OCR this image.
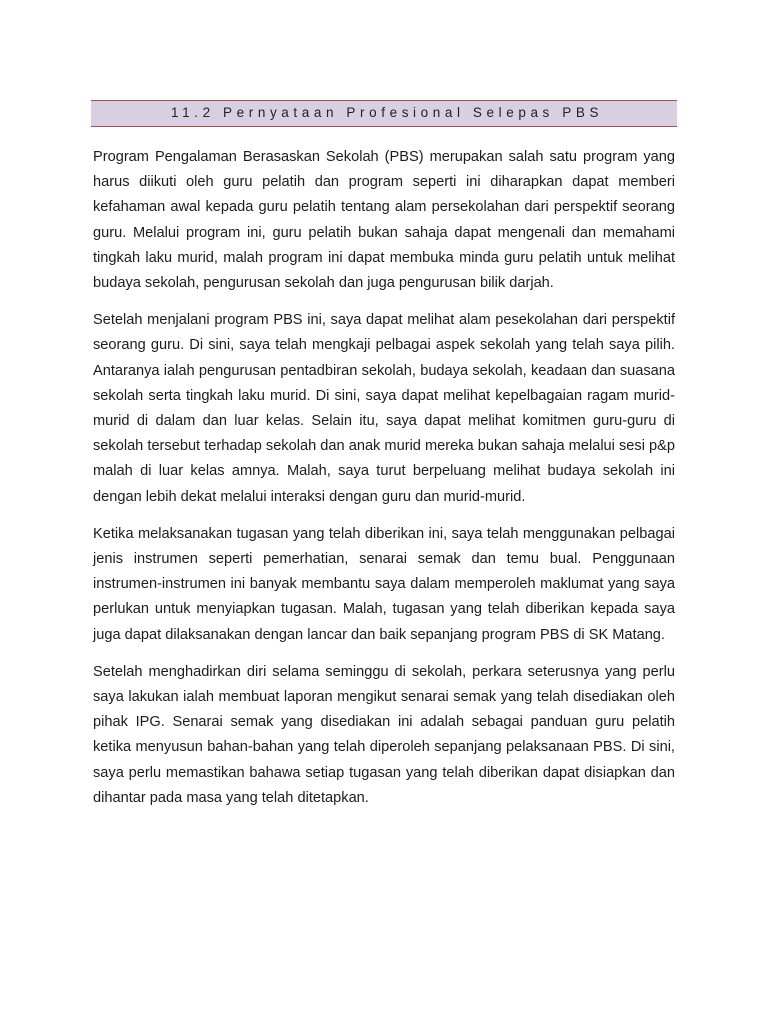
11.2 Pernyataan Profesional Selepas PBS

Program Pengalaman Berasaskan Sekolah (PBS) merupakan salah satu program yang harus diikuti oleh guru pelatih dan program seperti ini diharapkan dapat memberi kefahaman awal kepada guru pelatih tentang alam persekolahan dari perspektif seorang guru. Melalui program ini, guru pelatih bukan sahaja dapat mengenali dan memahami tingkah laku murid, malah program ini dapat membuka minda guru pelatih untuk melihat budaya sekolah, pengurusan sekolah dan juga pengurusan bilik darjah.

Setelah menjalani program PBS ini, saya dapat melihat alam pesekolahan dari perspektif seorang guru. Di sini, saya telah mengkaji pelbagai aspek sekolah yang telah saya pilih. Antaranya ialah pengurusan pentadbiran sekolah, budaya sekolah, keadaan dan suasana sekolah serta tingkah laku murid. Di sini, saya dapat melihat kepelbagaian ragam murid-murid di dalam dan luar kelas. Selain itu, saya dapat melihat komitmen guru-guru di sekolah tersebut terhadap sekolah dan anak murid mereka bukan sahaja melalui sesi p&p malah di luar kelas amnya. Malah, saya turut berpeluang melihat budaya sekolah ini dengan lebih dekat melalui interaksi dengan guru dan murid-murid.

Ketika melaksanakan tugasan yang telah diberikan ini, saya telah menggunakan pelbagai jenis instrumen seperti pemerhatian, senarai semak dan temu bual. Penggunaan instrumen-instrumen ini banyak membantu saya dalam memperoleh maklumat yang saya perlukan untuk menyiapkan tugasan. Malah, tugasan yang telah diberikan kepada saya juga dapat dilaksanakan dengan lancar dan baik sepanjang program PBS di SK Matang.

Setelah menghadirkan diri selama seminggu di sekolah, perkara seterusnya yang perlu saya lakukan ialah membuat laporan mengikut senarai semak yang telah disediakan oleh pihak IPG. Senarai semak yang disediakan ini adalah sebagai panduan guru pelatih ketika menyusun bahan-bahan yang telah diperoleh sepanjang pelaksanaan PBS. Di sini, saya perlu memastikan bahawa setiap tugasan yang telah diberikan dapat disiapkan dan dihantar pada masa yang telah ditetapkan.
